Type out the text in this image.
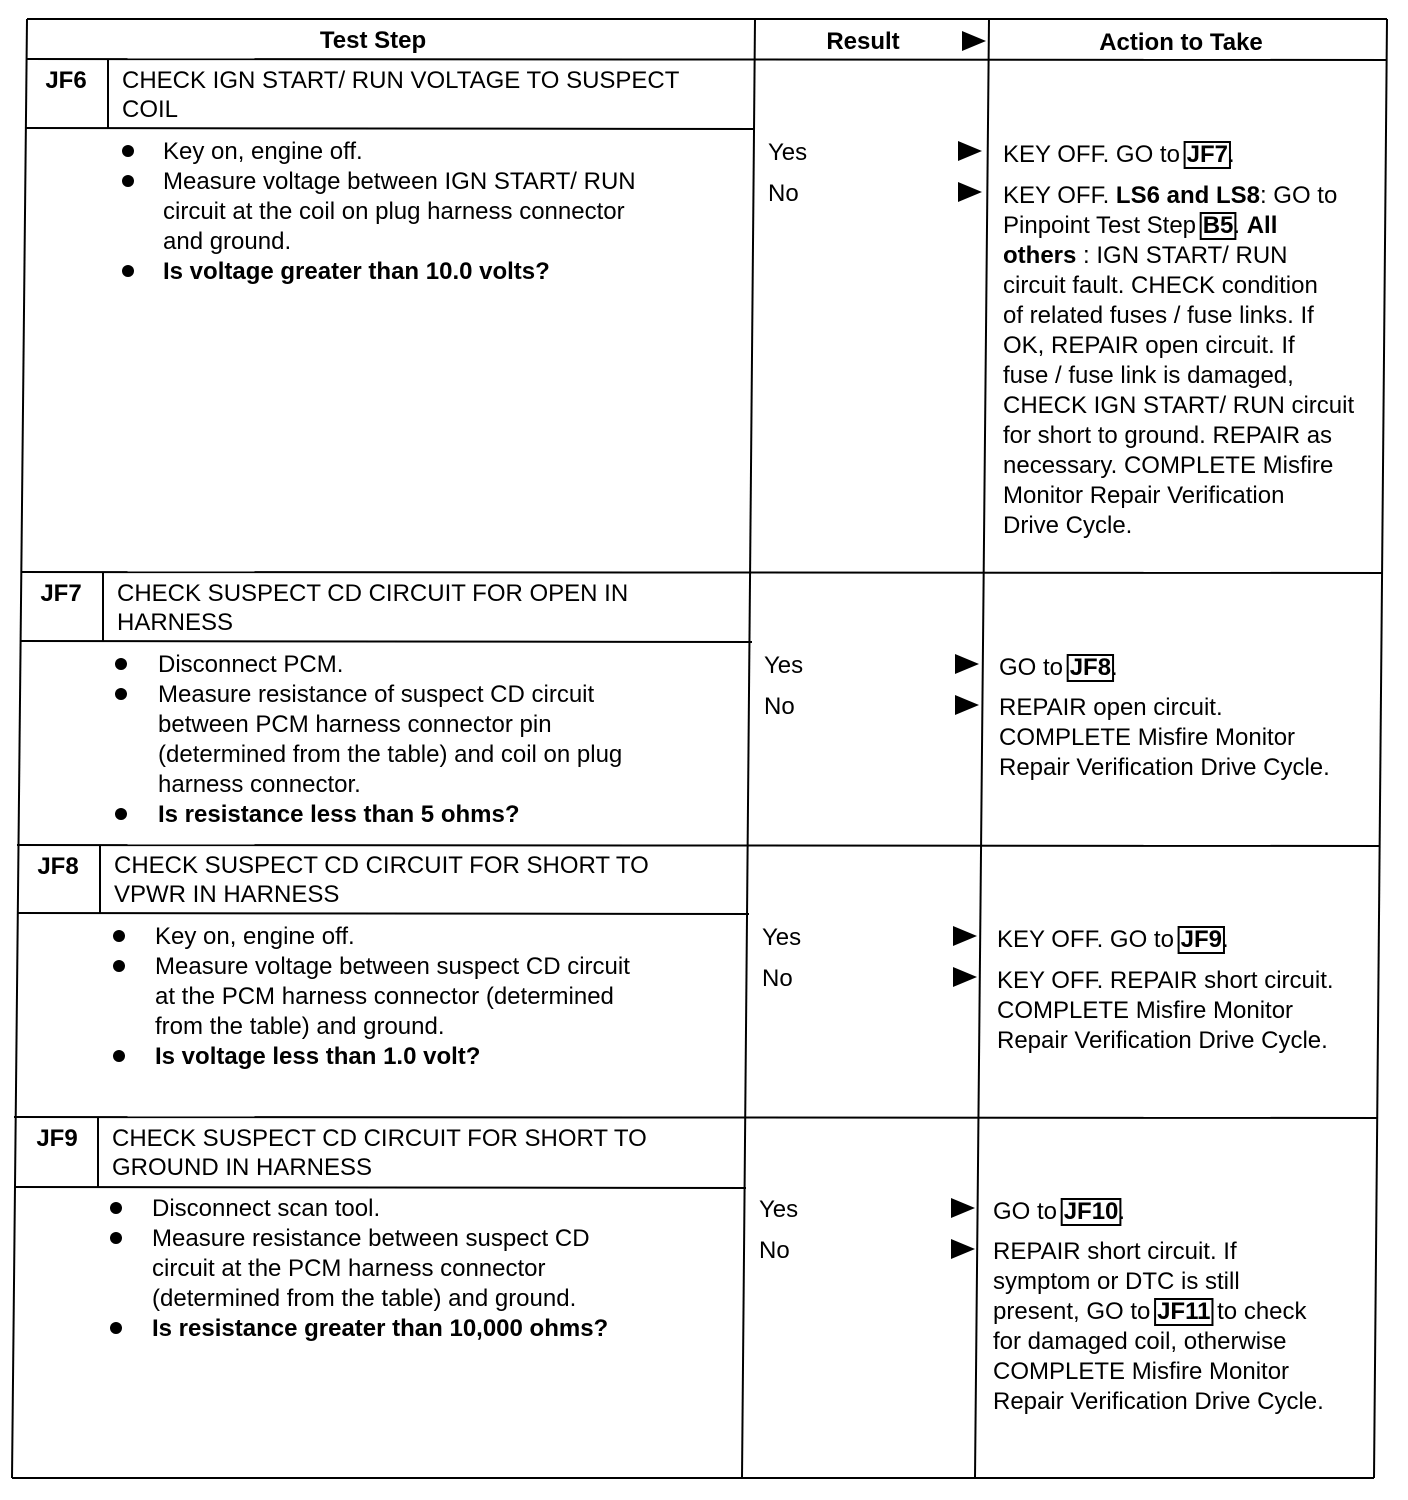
Test Step	Result	Action to Take
JF6 CHECK IGN START/ RUN VOLTAGE TO SUSPECT
COIL
Key on, engine off.
Measure voltage between IGN START/ RUN
circuit at the coil on plug harness connector
and ground.
Is voltage greater than 10.0 volts?
Yes	KEY OFF. GO to JF7.
No	KEY OFF. LS6 and LS8: GO to
Pinpoint Test Step B5. All
others : IGN START/ RUN
circuit fault. CHECK condition
of related fuses / fuse links. If
OK, REPAIR open circuit. If
fuse / fuse link is damaged,
CHECK IGN START/ RUN circuit
for short to ground. REPAIR as
necessary. COMPLETE Misfire
Monitor Repair Verification
Drive Cycle.
JF7 CHECK SUSPECT CD CIRCUIT FOR OPEN IN
HARNESS
Disconnect PCM.
Measure resistance of suspect CD circuit
between PCM harness connector pin
(determined from the table) and coil on plug
harness connector.
Is resistance less than 5 ohms?
Yes	GO to JF8.
No	REPAIR open circuit.
COMPLETE Misfire Monitor
Repair Verification Drive Cycle.
JF8 CHECK SUSPECT CD CIRCUIT FOR SHORT TO
VPWR IN HARNESS
Key on, engine off.
Measure voltage between suspect CD circuit
at the PCM harness connector (determined
from the table) and ground.
Is voltage less than 1.0 volt?
Yes	KEY OFF. GO to JF9.
No	KEY OFF. REPAIR short circuit.
COMPLETE Misfire Monitor
Repair Verification Drive Cycle.
JF9 CHECK SUSPECT CD CIRCUIT FOR SHORT TO
GROUND IN HARNESS
Disconnect scan tool.
Measure resistance between suspect CD
circuit at the PCM harness connector
(determined from the table) and ground.
Is resistance greater than 10,000 ohms?
Yes	GO to JF10.
No	REPAIR short circuit. If
symptom or DTC is still
present, GO to JF11 to check
for damaged coil, otherwise
COMPLETE Misfire Monitor
Repair Verification Drive Cycle.
